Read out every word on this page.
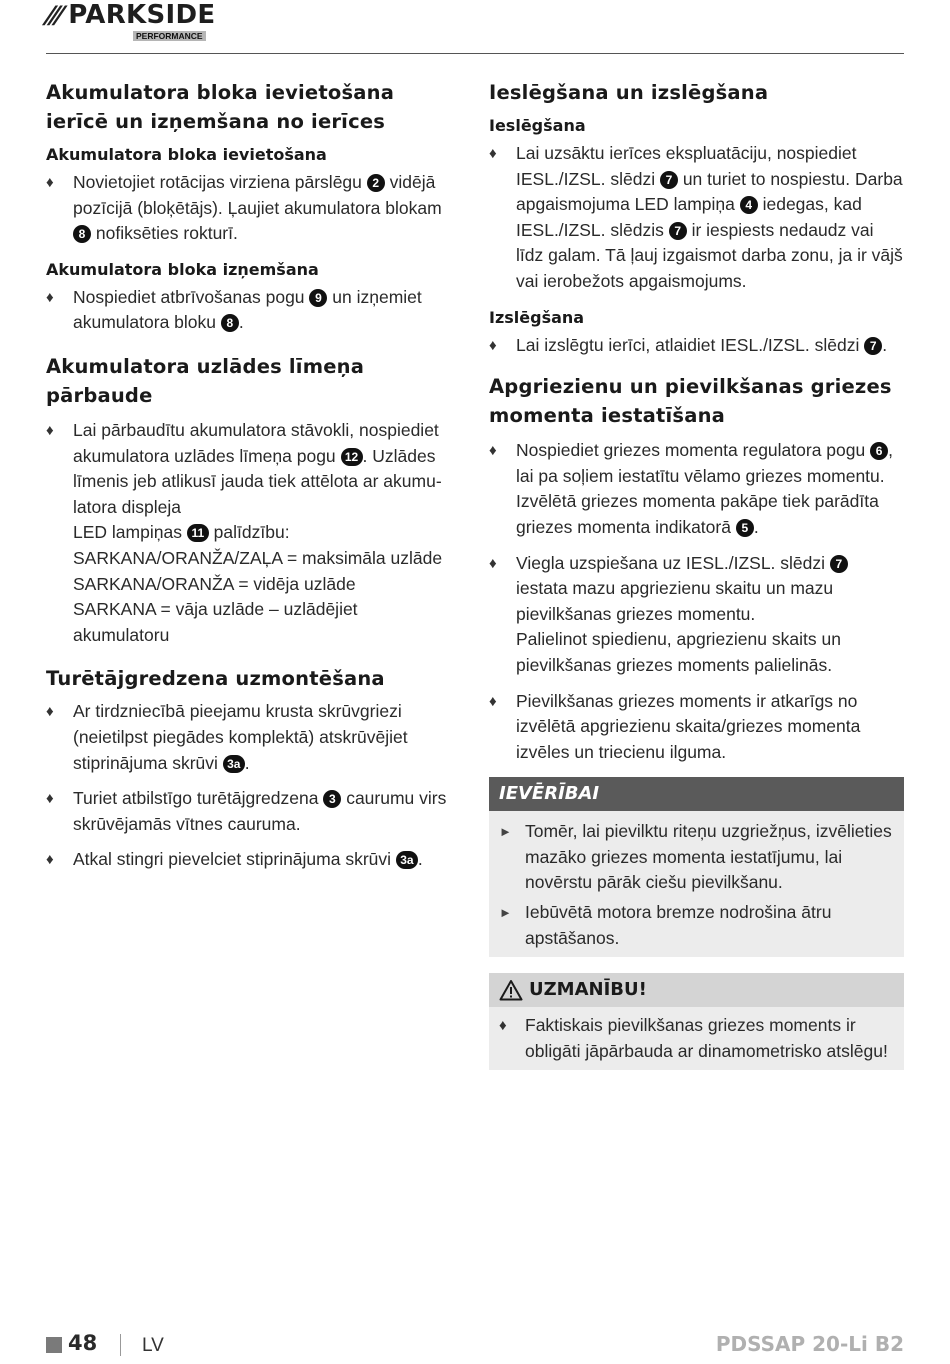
/// PARKSIDE
PERFORMANCE
Akumulatora bloka ievietošana ierīcē un izņemšana no ierīces
Akumulatora bloka ievietošana
♦ Novietojiet rotācijas virziena pārslēgu 2 vidējā pozīcijā (bloķētājs). Ļaujiet akumulatora blokam 8 nofiksēties rokturī.
Akumulatora bloka izņemšana
♦ Nospiediet atbrīvošanas pogu 9 un izņemiet akumulatora bloku 8 .
Akumulatora uzlādes līmeņa pārbaude
♦ Lai pārbaudītu akumulatora stāvokli, nospiediet akumulatora uzlādes līmeņa pogu 12 . Uzlādes līmenis jeb atlikusī jauda tiek attēlota ar akumulatora displeja
LED lampiņas 11 palīdzību:
SARKANA/ORANŽA/ZAĻA = maksimāla uzlāde
SARKANA/ORANŽA = vidēja uzlāde
SARKANA = vāja uzlāde – uzlādējiet akumulatoru
Turētājgredzena uzmontēšana
♦ Ar tirdzniecībā pieejamu krusta skrūvgriezi (neietilpst piegādes komplektā) atskrūvējiet stiprinājuma skrūvi 3a .
♦ Turiet atbilstīgo turētājgredzena 3 caurumu virs skrūvējamās vītnes cauruma.
♦ Atkal stingri pievelciet stiprinājuma skrūvi 3a .
Ieslēgšana un izslēgšana
Ieslēgšana
♦ Lai uzsāktu ierīces ekspluatāciju, nospiediet IESL./IZSL. slēdzi 7 un turiet to nospiestu. Darba apgaismojuma LED lampiņa 4 iedegas, kad IESL./IZSL. slēdzis 7 ir iespiests nedaudz vai līdz galam. Tā ļauj izgaismot darba zonu, ja ir vājš vai ierobežots apgaismojums.
Izslēgšana
♦ Lai izslēgtu ierīci, atlaidiet IESL./IZSL. slēdzi 7 .
Apgriezienu un pievilkšanas griezes momenta iestatīšana
♦ Nospiediet griezes momenta regulatora pogu 6 , lai pa soļiem iestatītu vēlamo griezes momentu. Izvēlētā griezes momenta pakāpe tiek parādīta griezes momenta indikatorā 5 .
♦ Viegla uzspiešana uz IESL./IZSL. slēdzi 7 iestata mazu apgriezienu skaitu un mazu pievilkšanas griezes momentu.
Palielinot spiedienu, apgriezienu skaits un pievilkšanas griezes moments palielinās.
♦ Pievilkšanas griezes moments ir atkarīgs no izvēlētā apgriezienu skaita/griezes momenta izvēles un triecienu ilguma.
IEVĒRĪBAI
► Tomēr, lai pievilktu riteņu uzgriežņus, izvēlieties mazāko griezes momenta iestatījumu, lai novērstu pārāk ciešu pievilkšanu.
► Iebūvētā motora bremze nodrošina ātru apstāšanos.
UZMANĪBU!
♦ Faktiskais pievilkšanas griezes moments ir obligāti jāpārbauda ar dinamometrisko atslēgu!
48 LV	PDSSAP 20-Li B2
